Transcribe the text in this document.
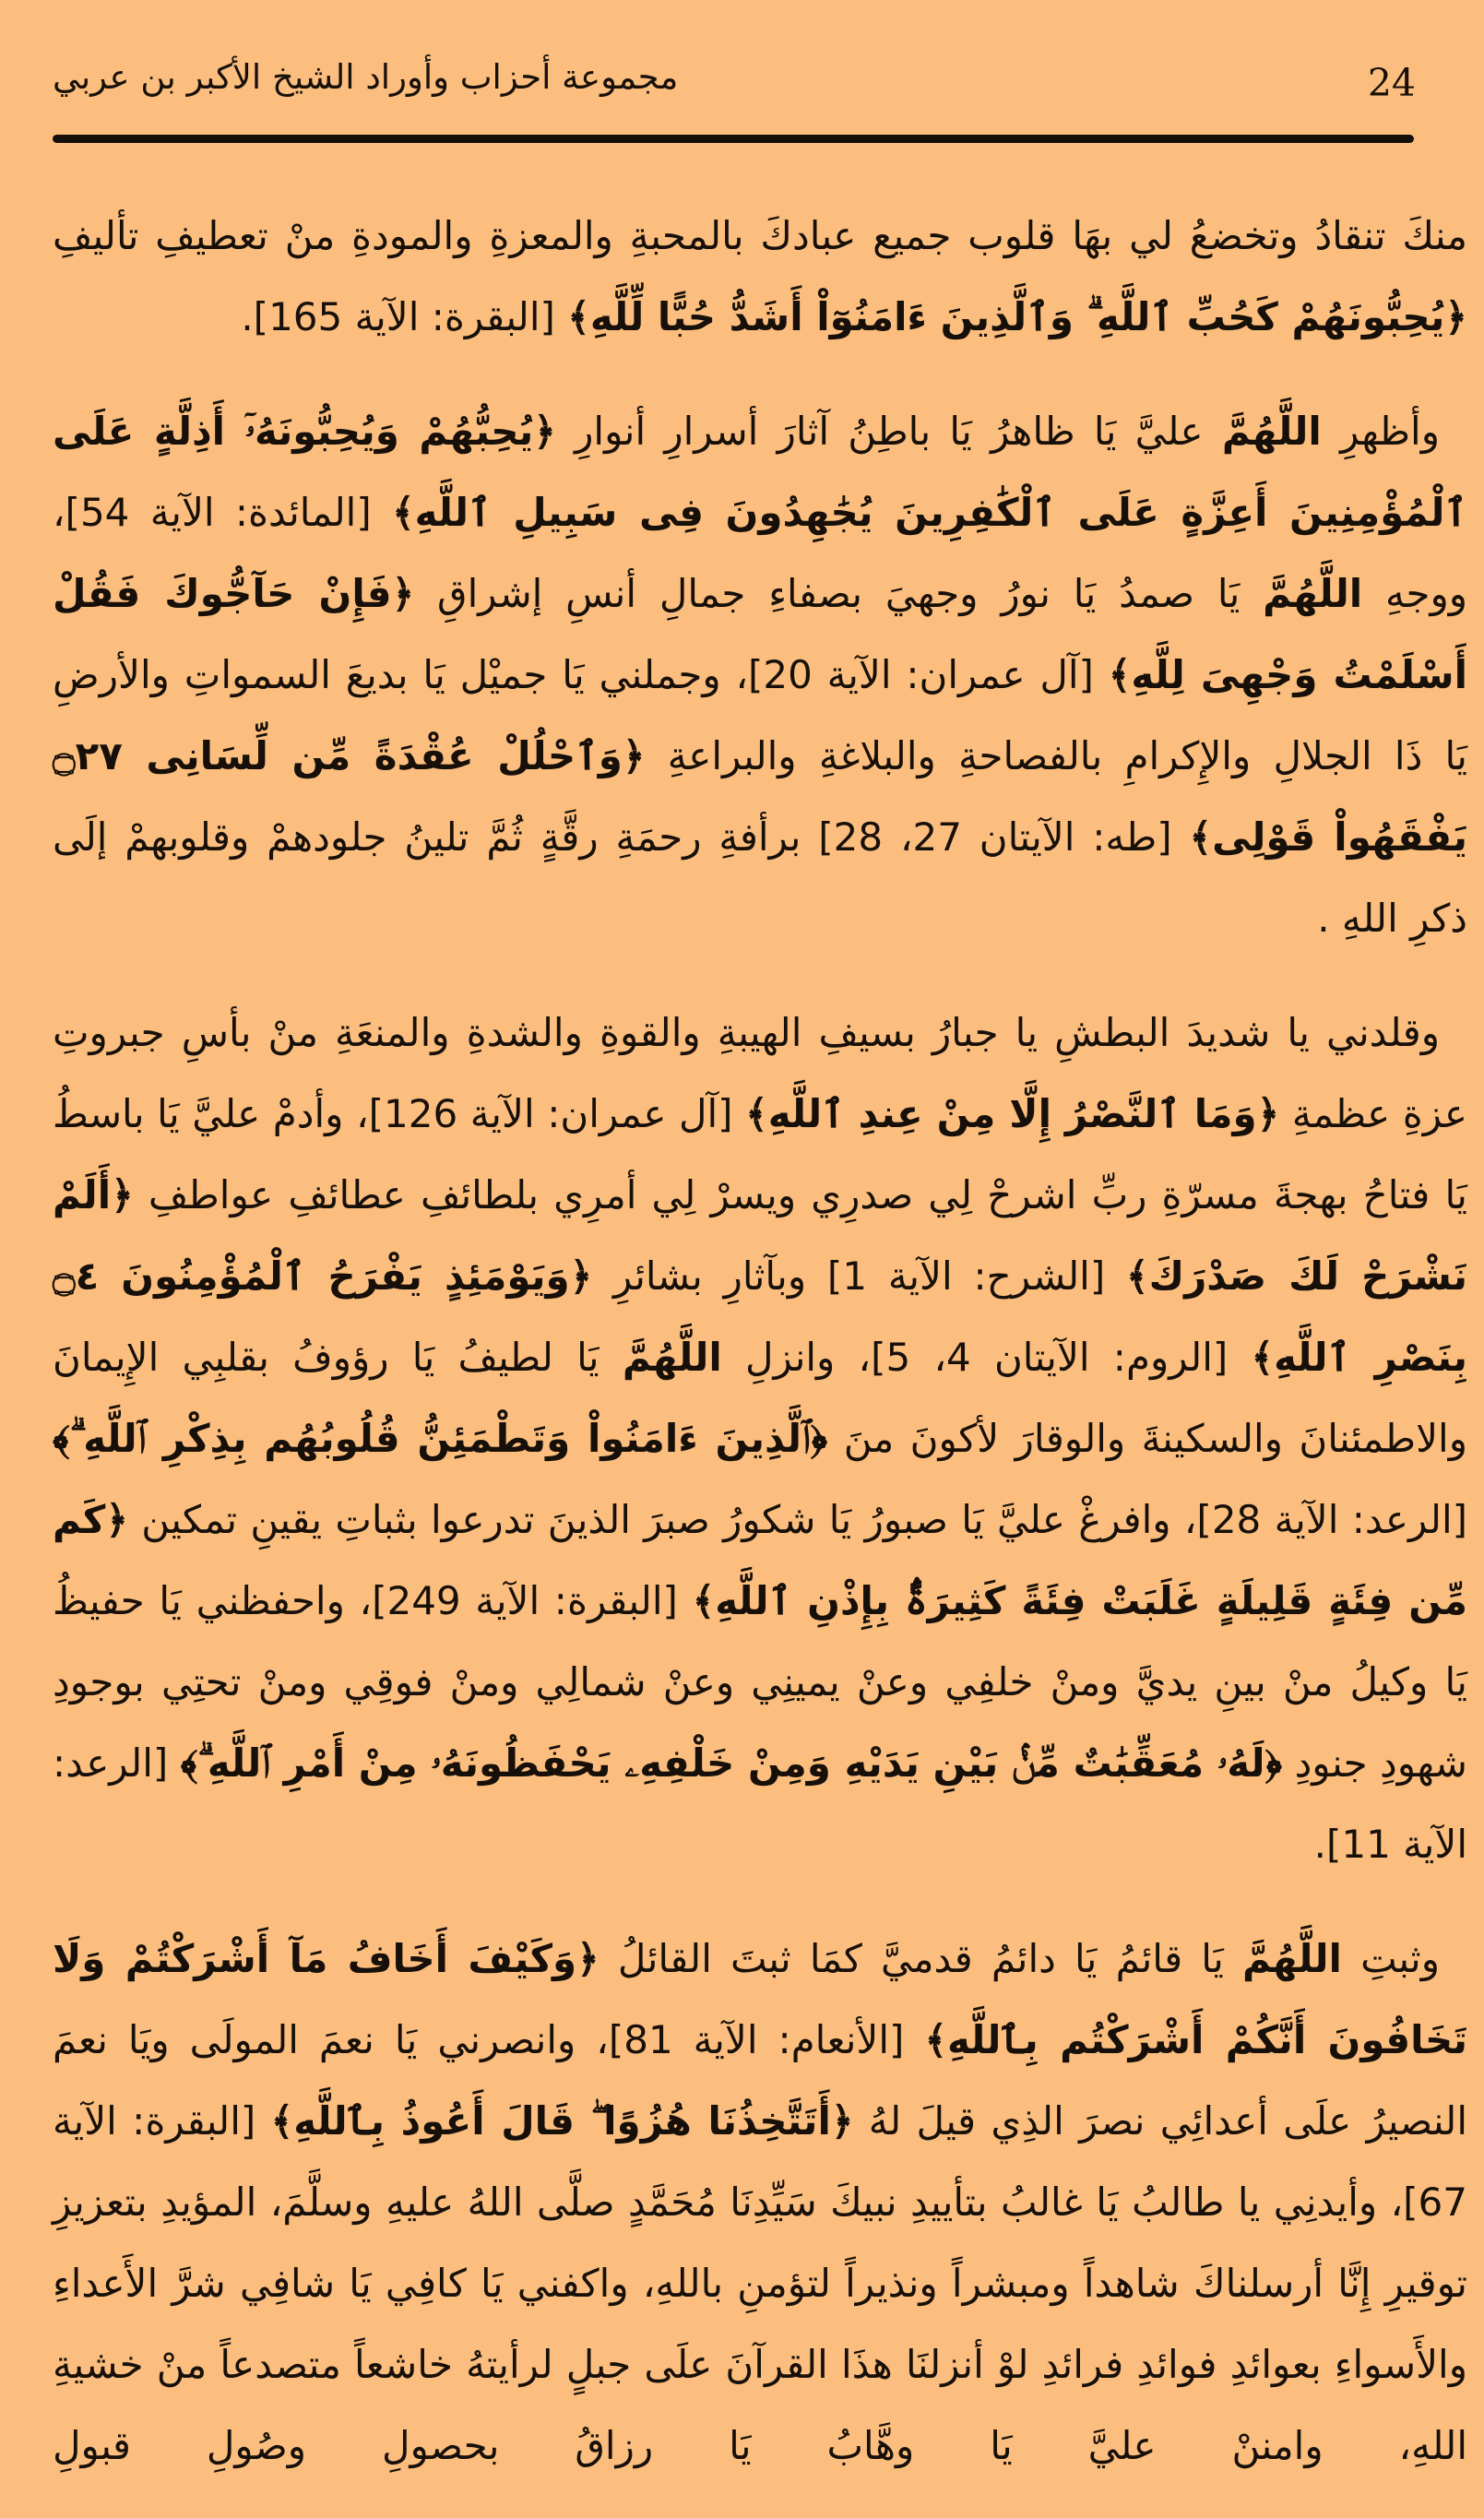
مجموعة أحزاب وأوراد الشيخ الأكبر بن عربي	24

منكَ تنقادُ وتخضعُ لي بهَا قلوب جميع عبادكَ بالمحبةِ والمعزةِ والمودةِ منْ تعطيفِ تأليفِ ﴿يُحِبُّونَهُمْ كَحُبِّ ٱللَّهِ ۗ وَٱلَّذِينَ ءَامَنُوٓاْ أَشَدُّ حُبًّا لِّلَّهِ﴾ [البقرة: الآية 165].

وأظهرِ اللَّهُمَّ عليَّ يَا ظاهرُ يَا باطِنُ آثارَ أسرارِ أنوارِ ﴿يُحِبُّهُمْ وَيُحِبُّونَهُۥٓ أَذِلَّةٍ عَلَى ٱلْمُؤْمِنِينَ أَعِزَّةٍ عَلَى ٱلْكَٰفِرِينَ يُجَٰهِدُونَ فِى سَبِيلِ ٱللَّهِ﴾ [المائدة: الآية 54]، ووجهِ اللَّهُمَّ يَا صمدُ يَا نورُ وجهيَ بصفاءِ جمالِ أنسِ إشراقِ ﴿فَإِنْ حَآجُّوكَ فَقُلْ أَسْلَمْتُ وَجْهِىَ لِلَّهِ﴾ [آل عمران: الآية 20]، وجملني يَا جميْل يَا بديعَ السمواتِ والأرضِ يَا ذَا الجلالِ والإِكرامِ بالفصاحةِ والبلاغةِ والبراعةِ ﴿وَٱحْلُلْ عُقْدَةً مِّن لِّسَانِى ۝٢٧ يَفْقَهُواْ قَوْلِى﴾ [طه: الآيتان 27، 28] برأفةِ رحمَةِ رقَّةٍ ثُمَّ تلينُ جلودهمْ وقلوبهمْ إلَى ذكرِ اللهِ .

وقلدني يا شديدَ البطشِ يا جبارُ بسيفِ الهيبةِ والقوةِ والشدةِ والمنعَةِ منْ بأسِ جبروتِ عزةِ عظمةِ ﴿وَمَا ٱلنَّصْرُ إِلَّا مِنْ عِندِ ٱللَّهِ﴾ [آل عمران: الآية 126]، وأدمْ عليَّ يَا باسطُ يَا فتاحُ بهجةَ مسرّةِ ربِّ اشرحْ لِي صدرِي ويسرْ لِي أمرِي بلطائفِ عطائفِ عواطفِ ﴿أَلَمْ نَشْرَحْ لَكَ صَدْرَكَ﴾ [الشرح: الآية 1] وبآثارِ بشائرِ ﴿وَيَوْمَئِذٍ يَفْرَحُ ٱلْمُؤْمِنُونَ ۝٤ بِنَصْرِ ٱللَّهِ﴾ [الروم: الآيتان 4، 5]، وانزلِ اللَّهُمَّ يَا لطيفُ يَا رؤوفُ بقلبِي الإِيمانَ والاطمئنانَ والسكينةَ والوقارَ لأكونَ منَ ﴿ٱلَّذِينَ ءَامَنُواْ وَتَطْمَئِنُّ قُلُوبُهُم بِذِكْرِ ٱللَّهِ ۗ﴾ [الرعد: الآية 28]، وافرغْ عليَّ يَا صبورُ يَا شكورُ صبرَ الذينَ تدرعوا بثباتِ يقينِ تمكين ﴿كَم مِّن فِئَةٍ قَلِيلَةٍ غَلَبَتْ فِئَةً كَثِيرَةًۢ بِإِذْنِ ٱللَّهِ﴾ [البقرة: الآية 249]، واحفظني يَا حفيظُ يَا وكيلُ منْ بينِ يديَّ ومنْ خلفِي وعنْ يمينِي وعنْ شمالِي ومنْ فوقِي ومنْ تحتِي بوجودِ شهودِ جنودِ ﴿لَهُۥ مُعَقِّبَٰتٌ مِّنْۢ بَيْنِ يَدَيْهِ وَمِنْ خَلْفِهِۦ يَحْفَظُونَهُۥ مِنْ أَمْرِ ٱللَّهِ ۗ﴾ [الرعد: الآية 11].

وثبتِ اللَّهُمَّ يَا قائمُ يَا دائمُ قدميَّ كمَا ثبتَ القائلُ ﴿وَكَيْفَ أَخَافُ مَآ أَشْرَكْتُمْ وَلَا تَخَافُونَ أَنَّكُمْ أَشْرَكْتُم بِٱللَّهِ﴾ [الأنعام: الآية 81]، وانصرني يَا نعمَ المولَى ويَا نعمَ النصيرُ علَى أعدائِي نصرَ الذِي قيلَ لهُ ﴿أَتَتَّخِذُنَا هُزُوًا ۖ قَالَ أَعُوذُ بِٱللَّهِ﴾ [البقرة: الآية 67]، وأيدنِي يا طالبُ يَا غالبُ بتأييدِ نبيكَ سَيِّدِنَا مُحَمَّدٍ صلَّى اللهُ عليهِ وسلَّمَ، المؤيدِ بتعزيزِ توقيرِ إِنَّا أرسلناكَ شاهداً ومبشراً ونذيراً لتؤمنِ باللهِ، واكفني يَا كافِي يَا شافِي شرَّ الأَعداءِ والأَسواءِ بعوائدِ فوائدِ فرائدِ لوْ أنزلنَا هذَا القرآنَ علَى جبلٍ لرأيتهُ خاشعاً متصدعاً منْ خشيةِ اللهِ، وامننْ عليَّ يَا وهَّابُ يَا رزاقُ بحصولِ وصُولِ قبولِ
